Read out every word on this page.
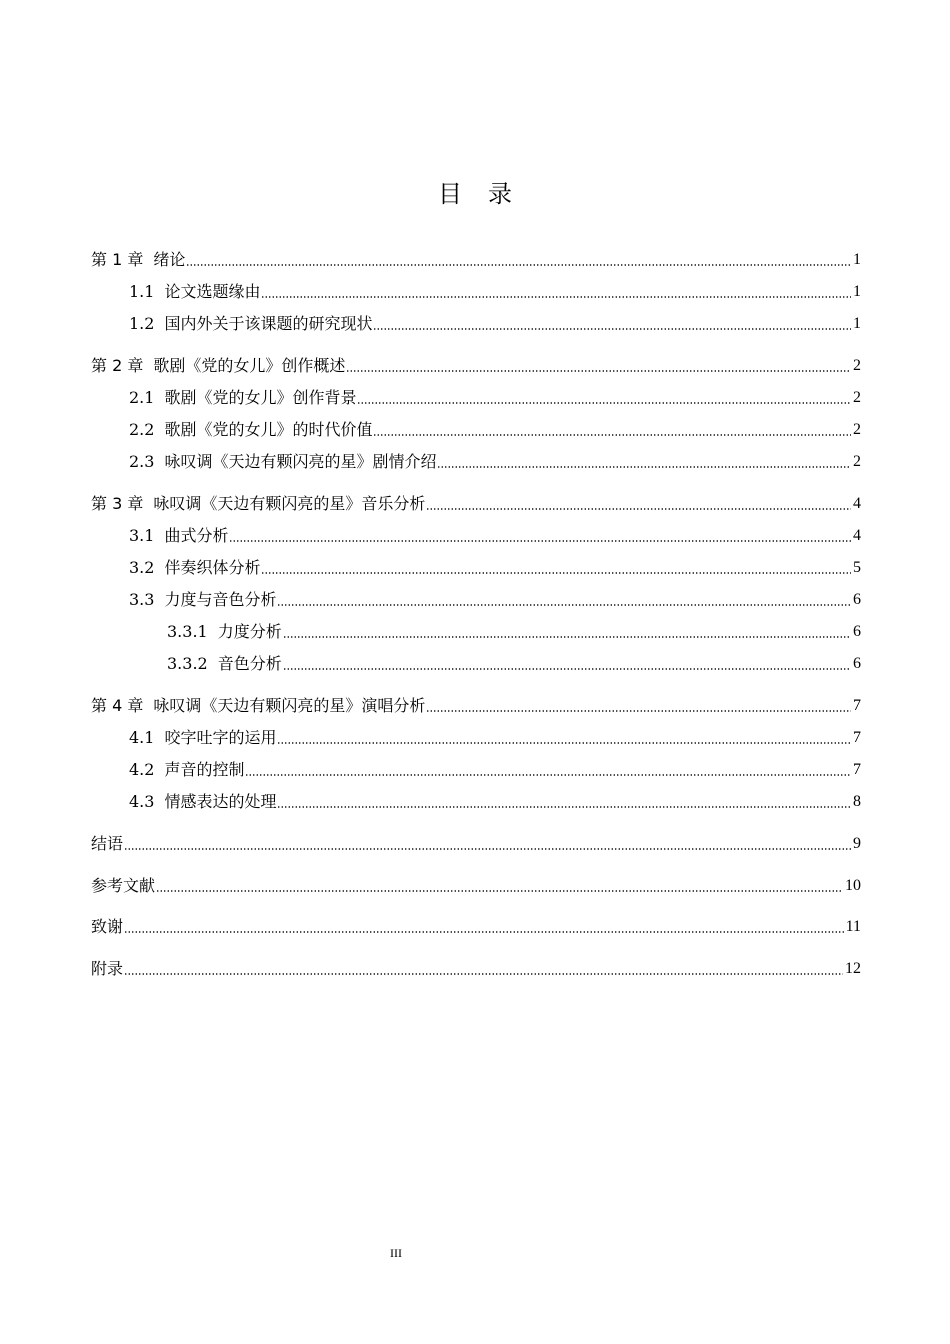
目录
第 1 章 绪论	1
1.1 论文选题缘由	1
1.2 国内外关于该课题的研究现状	1
第 2 章 歌剧《党的女儿》创作概述	2
2.1 歌剧《党的女儿》创作背景	2
2.2 歌剧《党的女儿》的时代价值	2
2.3 咏叹调《天边有颗闪亮的星》剧情介绍	2
第 3 章 咏叹调《天边有颗闪亮的星》音乐分析	4
3.1 曲式分析	4
3.2 伴奏织体分析	5
3.3 力度与音色分析	6
3.3.1 力度分析	6
3.3.2 音色分析	6
第 4 章 咏叹调《天边有颗闪亮的星》演唱分析	7
4.1 咬字吐字的运用	7
4.2 声音的控制	7
4.3 情感表达的处理	8
结语	9
参考文献	10
致谢	11
附录	12
III
